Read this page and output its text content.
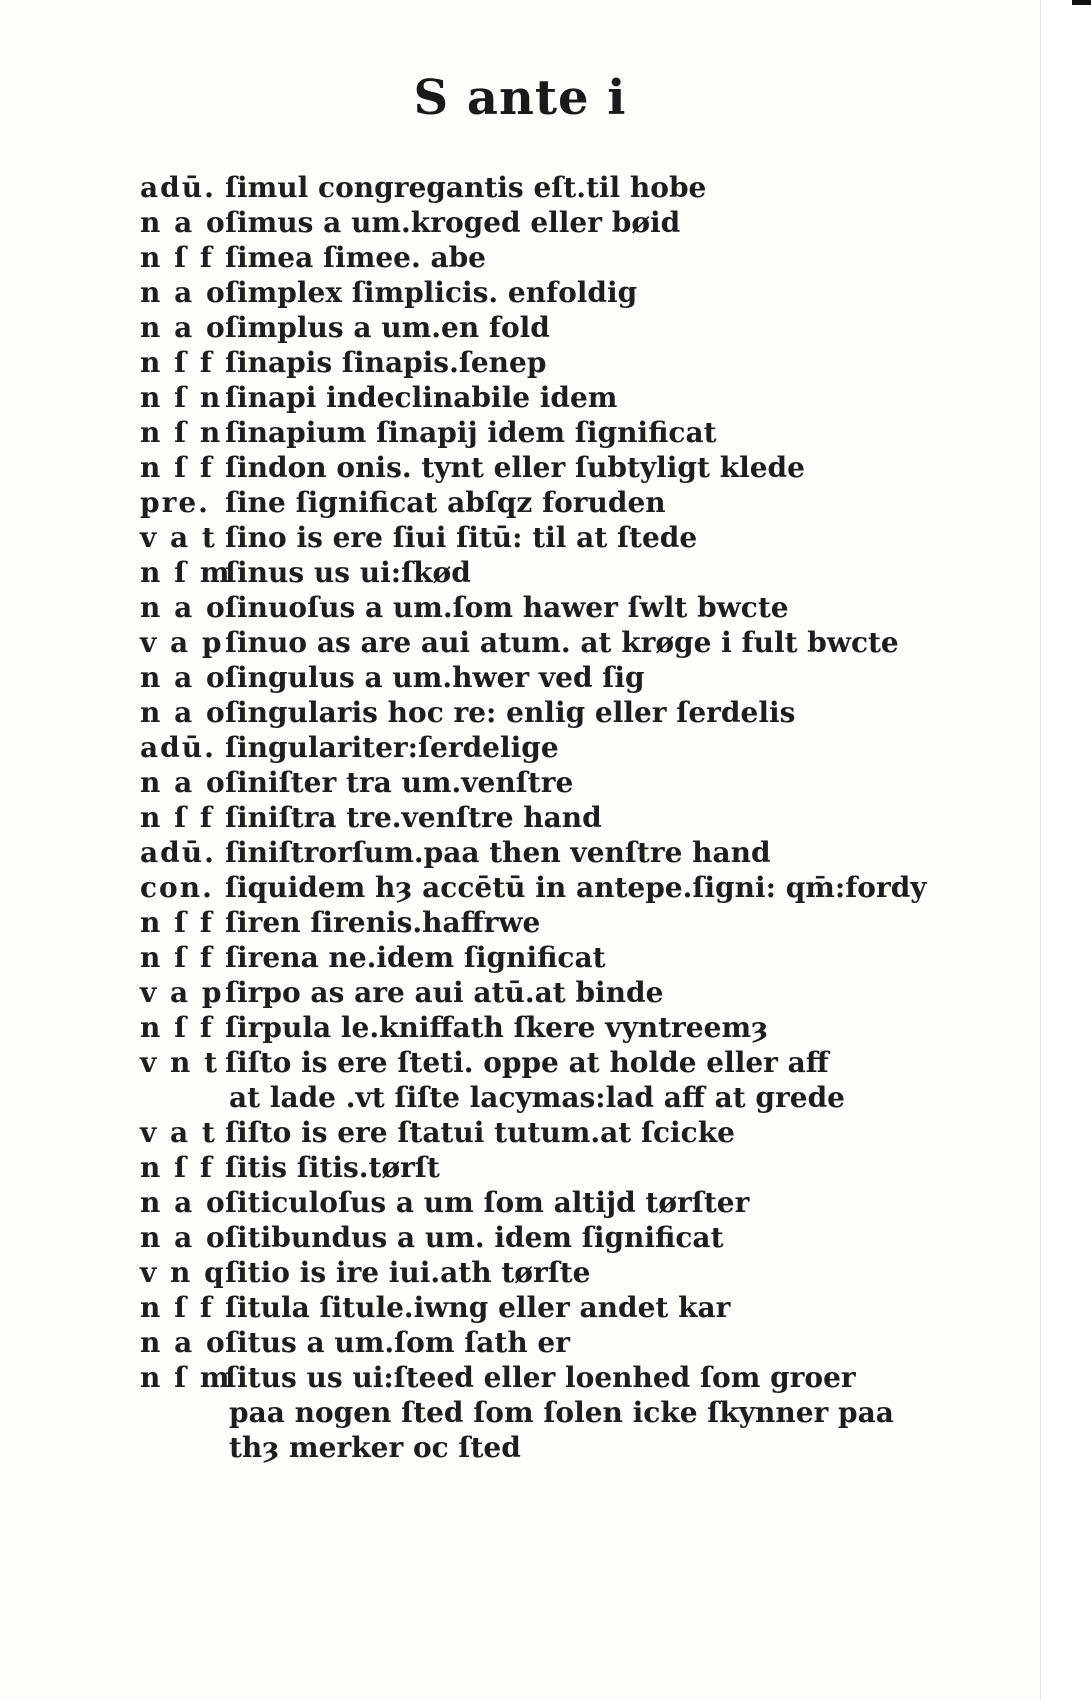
S ante i
adū. ſimul congregantis eſt.til hobe
n a o
ſimus a um.kroged eller bøid
n ſ f ſimea ſimee. abe
n a o
ſimplex ſimplicis. enfoldig
n a o
ſimplus a um.en fold
n ſ f ſinapis ſinapis.ſenep
n ſ n ſinapi indeclinabile idem
n ſ n ſinapium ſinapij idem ſignificat
n ſ f ſindon onis. tynt eller ſubtyligt klede
pre. ſine ſignificat abſqz foruden
v a t ſino is ere ſiui ſitū: til at ſtede
n ſ m
ſinus us ui:ſkød
n a o
ſinuoſus a um.ſom hawer ſwlt bwcte
v a p ſinuo as are aui atum. at krøge i fult bwcte
n a o
ſingulus a um.hwer ved ſig
n a o
ſingularis hoc re: enlig eller ſerdelis
adū. ſingulariter:ſerdelige
n a o
ſiniſter tra um.venſtre
n ſ f ſiniſtra tre.venſtre hand
adū. ſiniſtrorſum.paa then venſtre hand
con. ſiquidem hȝ accētū in antepe.ſigni: qm̄:fordy
n ſ f ſiren ſirenis.haffrwe
n ſ f ſirena ne.idem ſignificat
v a p ſirpo as are aui atū.at binde
n ſ f ſirpula le.kniffath ſkere vyntreemȝ
v n t ſiſto is ere ſteti. oppe at holde eller aff
at lade .vt ſiſte lacymas:lad aff at grede
v a t ſiſto is ere ſtatui tutum.at ſcicke
n ſ f ſitis ſitis.tørſt
n a o
ſiticuloſus a um ſom altijd tørſter
n a o
ſitibundus a um. idem ſignificat
v n q ſitio is ire iui.ath tørſte
n ſ f ſitula ſitule.iwng eller andet kar
n a o
ſitus a um.ſom ſath er
n ſ m
ſitus us ui:ſteed eller loenhed ſom groer
paa nogen ſted ſom ſolen icke ſkynner paa
thȝ merker oc ſted
